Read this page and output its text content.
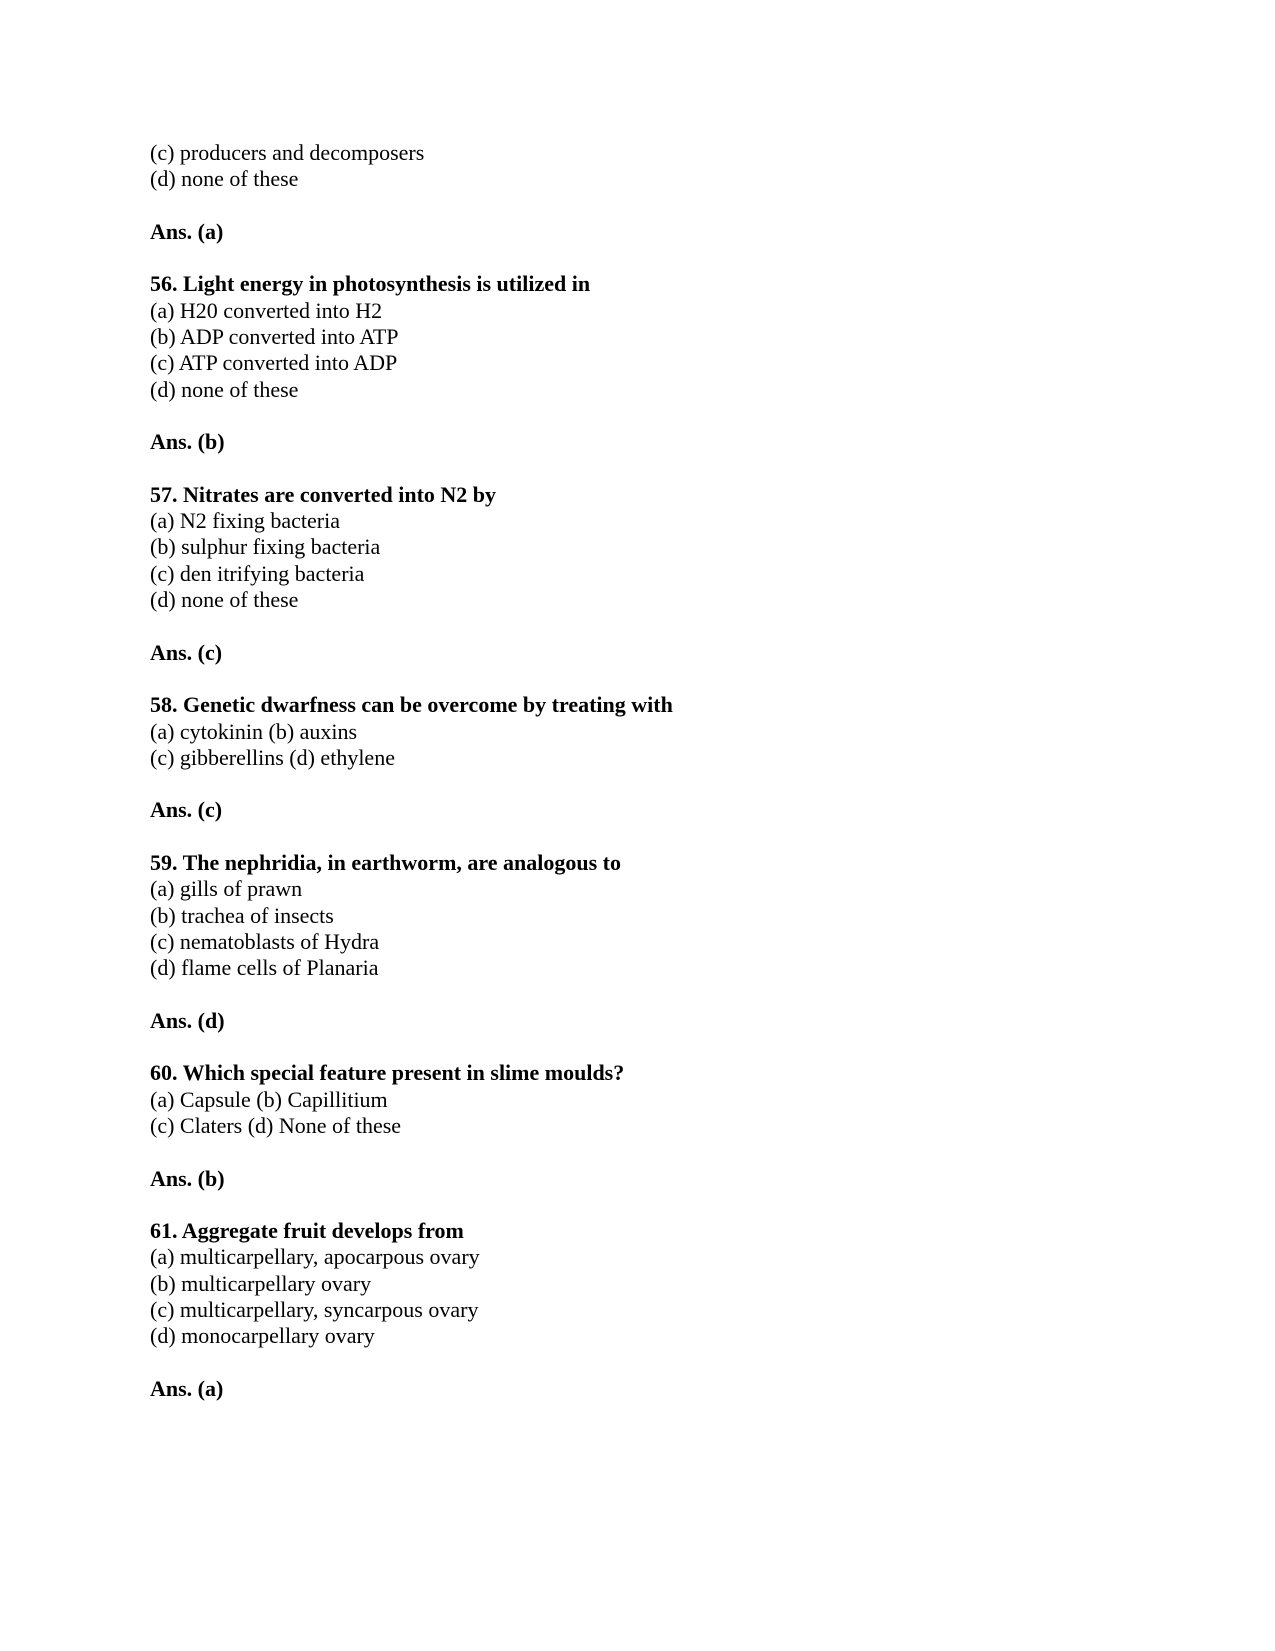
(c) producers and decomposers
(d) none of these
Ans. (a)
56. Light energy in photosynthesis is utilized in
(a) H20 converted into H2
(b) ADP converted into ATP
(c) ATP converted into ADP
(d) none of these
Ans. (b)
57. Nitrates are converted into N2 by
(a) N2 fixing bacteria
(b) sulphur fixing bacteria
(c) den itrifying bacteria
(d) none of these
Ans. (c)
58. Genetic dwarfness can be overcome by treating with
(a) cytokinin (b) auxins
(c) gibberellins (d) ethylene
Ans. (c)
59. The nephridia, in earthworm, are analogous to
(a) gills of prawn
(b) trachea of insects
(c) nematoblasts of Hydra
(d) flame cells of Planaria
Ans. (d)
60. Which special feature present in slime moulds?
(a) Capsule (b) Capillitium
(c) Claters (d) None of these
Ans. (b)
61. Aggregate fruit develops from
(a) multicarpellary, apocarpous ovary
(b) multicarpellary ovary
(c) multicarpellary, syncarpous ovary
(d) monocarpellary ovary
Ans. (a)
